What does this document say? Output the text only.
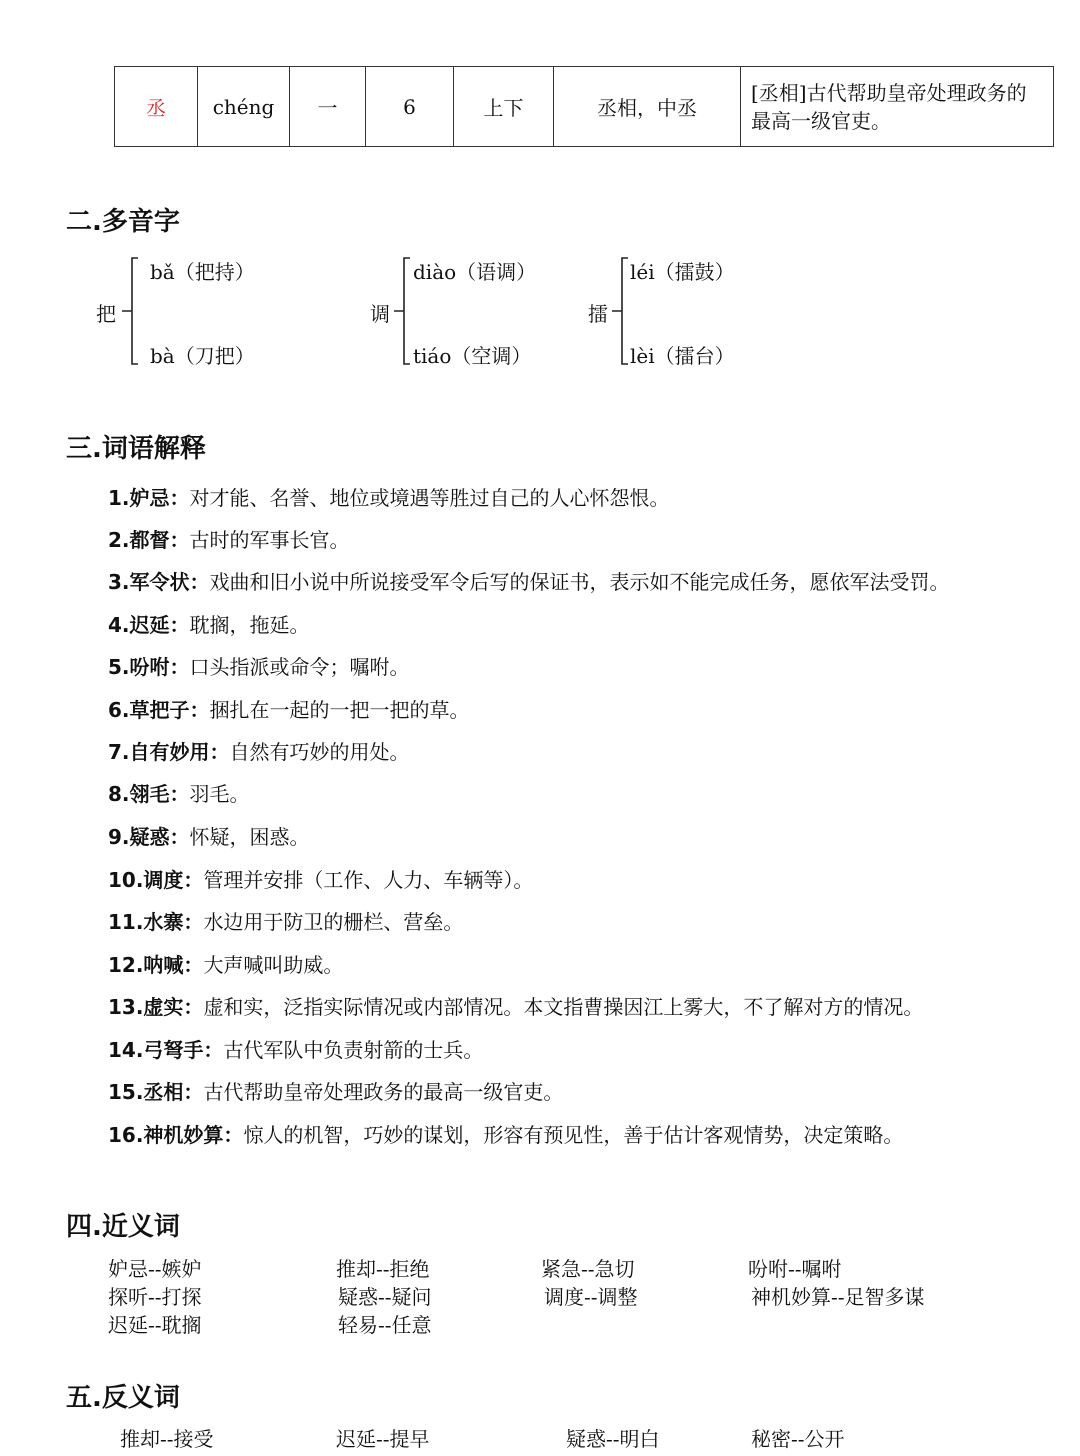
丞	chéng	一	6	上下	丞相，中丞	[丞相]古代帮助皇帝处理政务的最高一级官吏。
二.多音字
把
bǎ（把持）
bà（刀把）
调
diào（语调）
tiáo（空调）
擂
léi（擂鼓）
lèi（擂台）
三.词语解释
1.妒忌：对才能、名誉、地位或境遇等胜过自己的人心怀怨恨。
2.都督：古时的军事长官。
3.军令状：戏曲和旧小说中所说接受军令后写的保证书，表示如不能完成任务，愿依军法受罚。
4.迟延：耽搁，拖延。
5.吩咐：口头指派或命令；嘱咐。
6.草把子：捆扎在一起的一把一把的草。
7.自有妙用：自然有巧妙的用处。
8.翎毛：羽毛。
9.疑惑：怀疑，困惑。
10.调度：管理并安排（工作、人力、车辆等）。
11.水寨：水边用于防卫的栅栏、营垒。
12.呐喊：大声喊叫助威。
13.虚实：虚和实，泛指实际情况或内部情况。本文指曹操因江上雾大，不了解对方的情况。
14.弓弩手：古代军队中负责射箭的士兵。
15.丞相：古代帮助皇帝处理政务的最高一级官吏。
16.神机妙算：惊人的机智，巧妙的谋划，形容有预见性，善于估计客观情势，决定策略。
四.近义词
妒忌--嫉妒	推却--拒绝	紧急--急切	吩咐--嘱咐
探听--打探	疑惑--疑问	调度--调整	神机妙算--足智多谋
迟延--耽搁	轻易--任意
五.反义词
推却--接受	迟延--提早	疑惑--明白	秘密--公开
